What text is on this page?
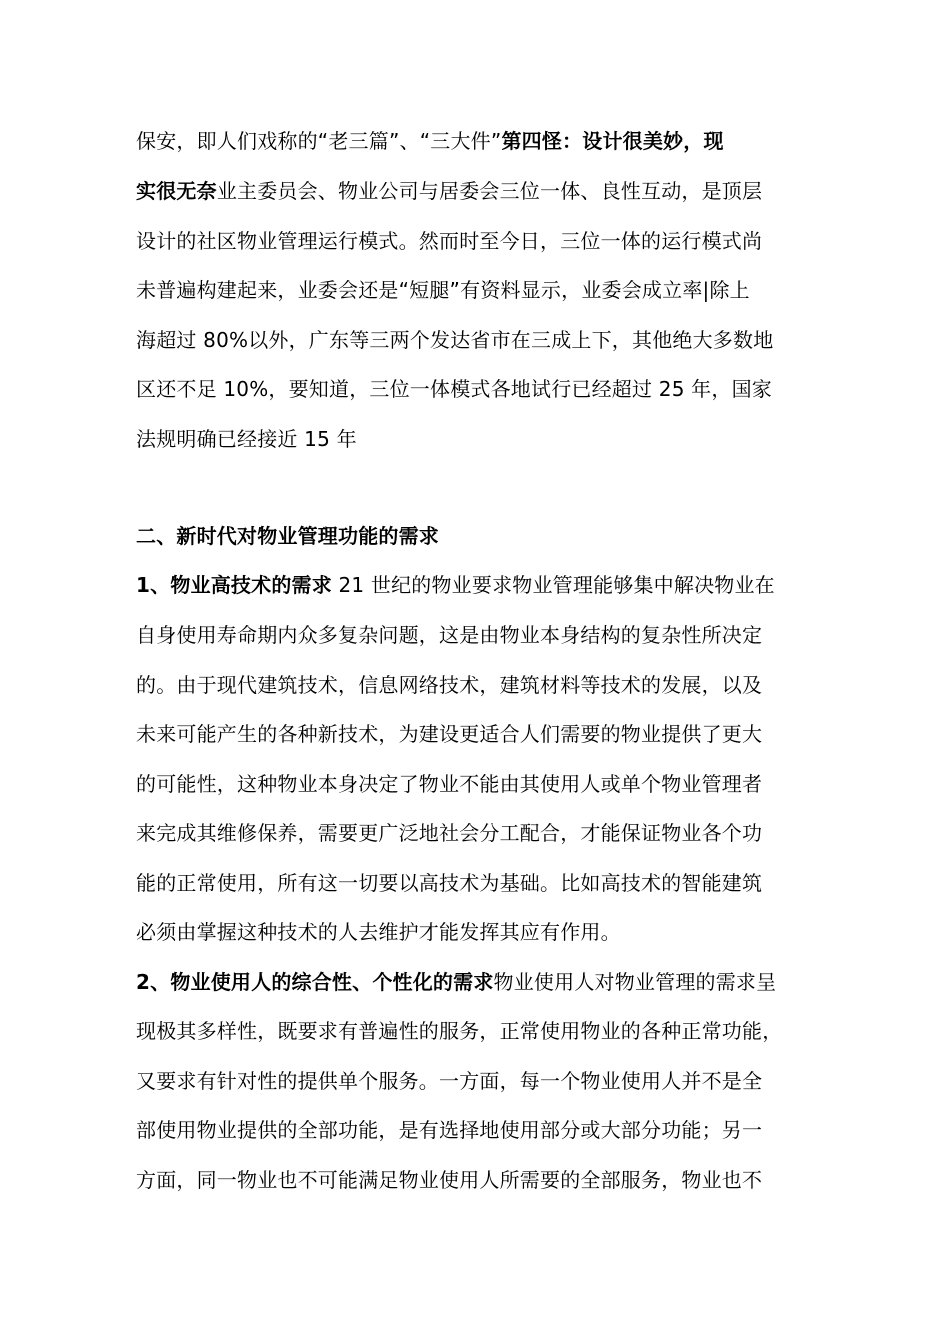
保安，即人们戏称的“老三篇”、“三大件”第四怪：设计很美妙，现
实很无奈业主委员会、物业公司与居委会三位一体、良性互动，是顶层
设计的社区物业管理运行模式。然而时至今日，三位一体的运行模式尚
未普遍构建起来，业委会还是“短腿”有资料显示，业委会成立率|除上
海超过 80%以外，广东等三两个发达省市在三成上下，其他绝大多数地
区还不足 10%，要知道，三位一体模式各地试行已经超过 25 年，国家
法规明确已经接近 15 年
二、新时代对物业管理功能的需求
1、物业高技术的需求 21 世纪的物业要求物业管理能够集中解决物业在
自身使用寿命期内众多复杂问题，这是由物业本身结构的复杂性所决定
的。由于现代建筑技术，信息网络技术，建筑材料等技术的发展，以及
未来可能产生的各种新技术，为建设更适合人们需要的物业提供了更大
的可能性，这种物业本身决定了物业不能由其使用人或单个物业管理者
来完成其维修保养，需要更广泛地社会分工配合，才能保证物业各个功
能的正常使用，所有这一切要以高技术为基础。比如高技术的智能建筑
必须由掌握这种技术的人去维护才能发挥其应有作用。
2、物业使用人的综合性、个性化的需求物业使用人对物业管理的需求呈
现极其多样性，既要求有普遍性的服务，正常使用物业的各种正常功能，
又要求有针对性的提供单个服务。一方面，每一个物业使用人并不是全
部使用物业提供的全部功能，是有选择地使用部分或大部分功能；另一
方面，同一物业也不可能满足物业使用人所需要的全部服务，物业也不
